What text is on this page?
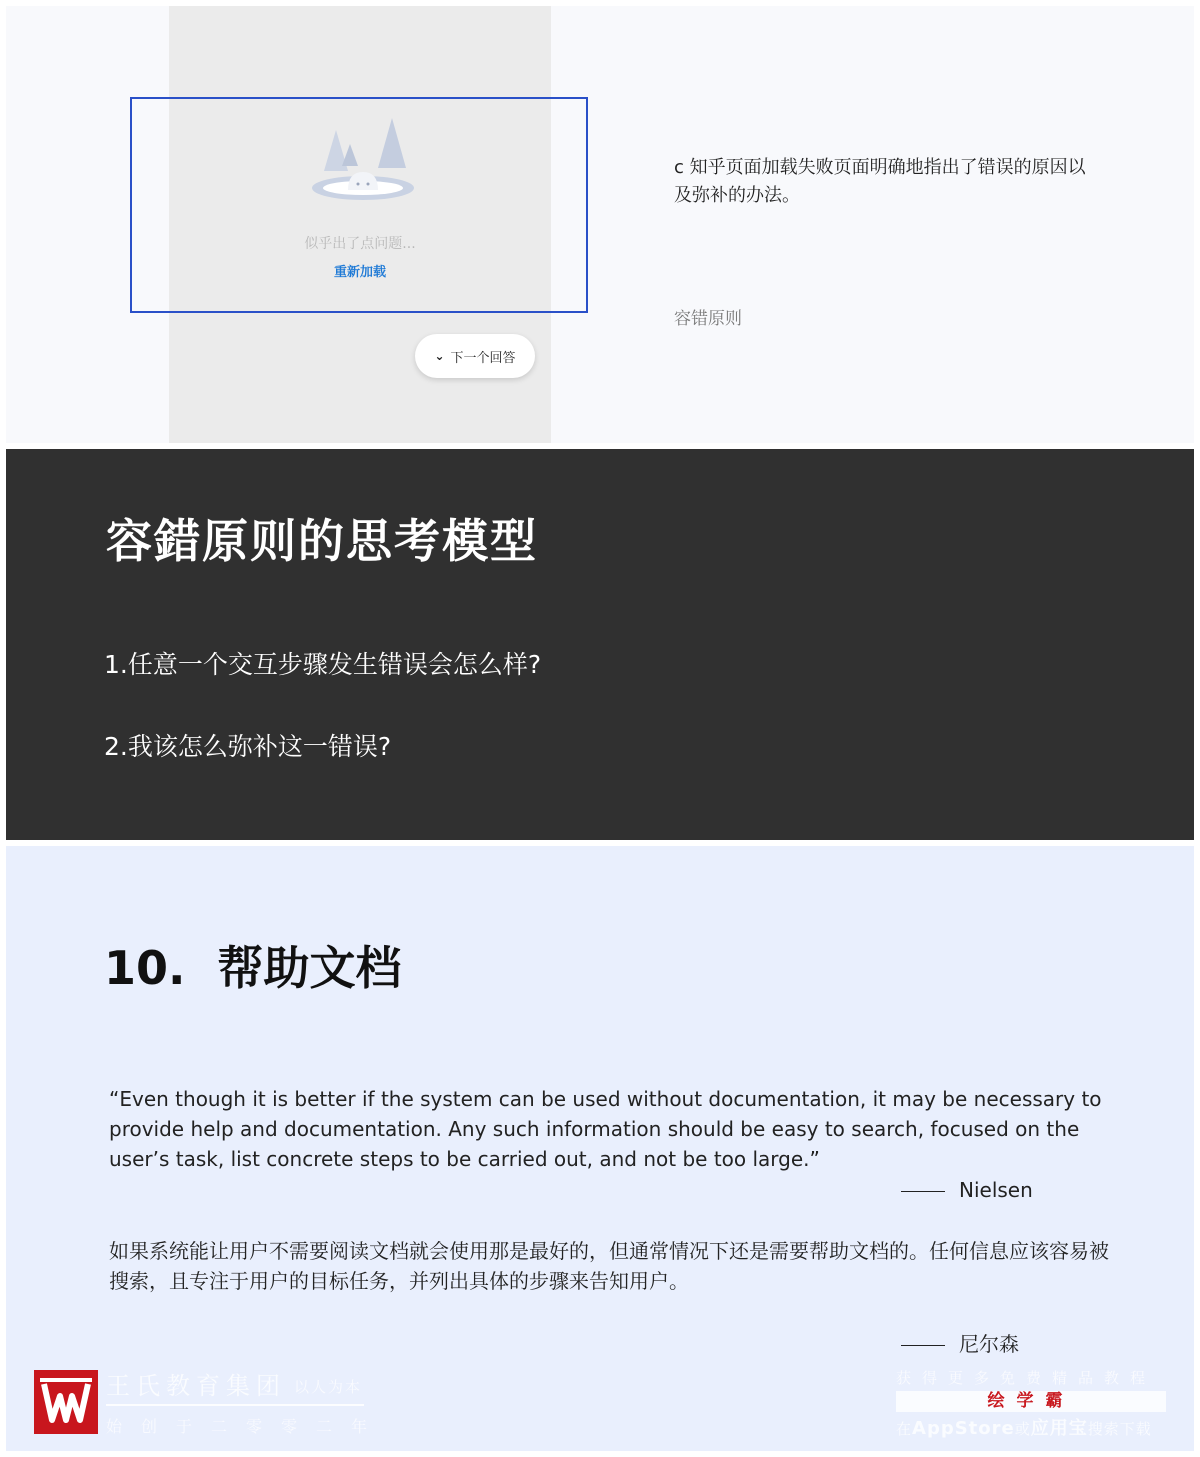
似乎出了点问题...
重新加载
⌄ 下一个回答
c 知乎页面加载失败页面明确地指出了错误的原因以及弥补的办法。
容错原则
容錯原则的思考模型
1.任意一个交互步骤发生错误会怎么样?
2.我该怎么弥补这一错误?
10.  帮助文档
“Even though it is better if the system can be used without documentation, it may be necessary to provide help and documentation. Any such information should be easy to search, focused on the user’s task, list concrete steps to be carried out, and not be too large.”
Nielsen
如果系统能让用户不需要阅读文档就会使用那是最好的，但通常情况下还是需要帮助文档的。任何信息应该容易被搜索，且专注于用户的目标任务，并列出具体的步骤来告知用户。
尼尔森
王氏教育集团 以人为本
始创于二零零二年
获得更多免费精品教程
绘学霸
在AppStore或应用宝搜索下载
